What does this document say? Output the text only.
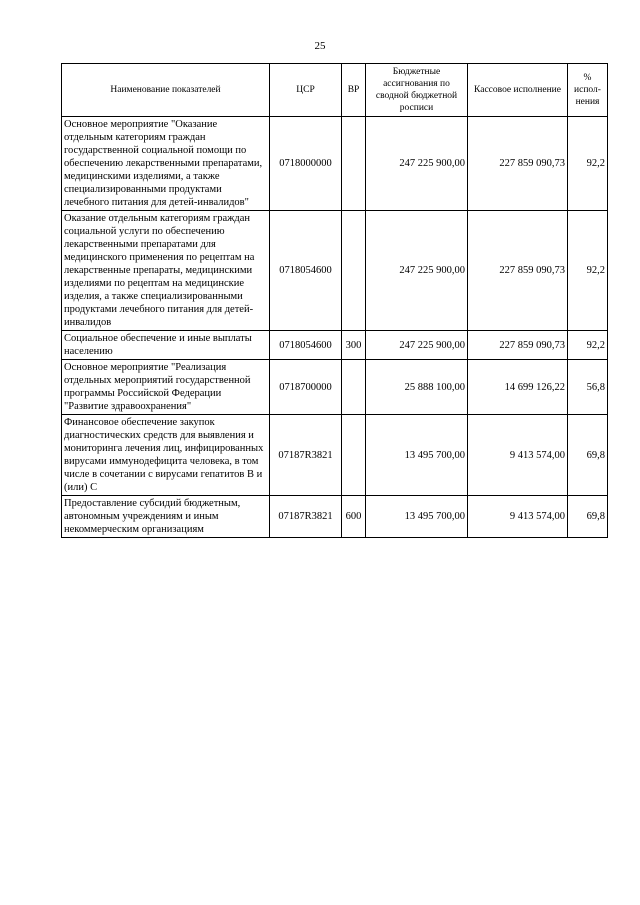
25
Наименование показателей	ЦСР	ВР	Бюджетные ассигнования по сводной бюджетной росписи	Кассовое исполнение	% испол-нения
Основное мероприятие "Оказание отдельным категориям граждан государственной социальной помощи по обеспечению лекарственными препаратами, медицинскими изделиями, а также специализированными продуктами лечебного питания для детей-инвалидов"	0718000000		247 225 900,00	227 859 090,73	92,2
Оказание отдельным категориям граждан социальной услуги по обеспечению лекарственными препаратами для медицинского применения по рецептам на лекарственные препараты, медицинскими изделиями по рецептам на медицинские изделия, а также специализированными продуктами лечебного питания для детей-инвалидов	0718054600		247 225 900,00	227 859 090,73	92,2
Социальное обеспечение и иные выплаты населению	0718054600	300	247 225 900,00	227 859 090,73	92,2
Основное мероприятие "Реализация отдельных мероприятий государственной программы Российской Федерации "Развитие здравоохранения"	0718700000		25 888 100,00	14 699 126,22	56,8
Финансовое обеспечение закупок диагностических средств для выявления и мониторинга лечения лиц, инфицированных вирусами иммунодефицита человека, в том числе в сочетании с вирусами гепатитов B и (или) C	07187R3821		13 495 700,00	9 413 574,00	69,8
Предоставление субсидий бюджетным, автономным учреждениям и иным некоммерческим организациям	07187R3821	600	13 495 700,00	9 413 574,00	69,8
